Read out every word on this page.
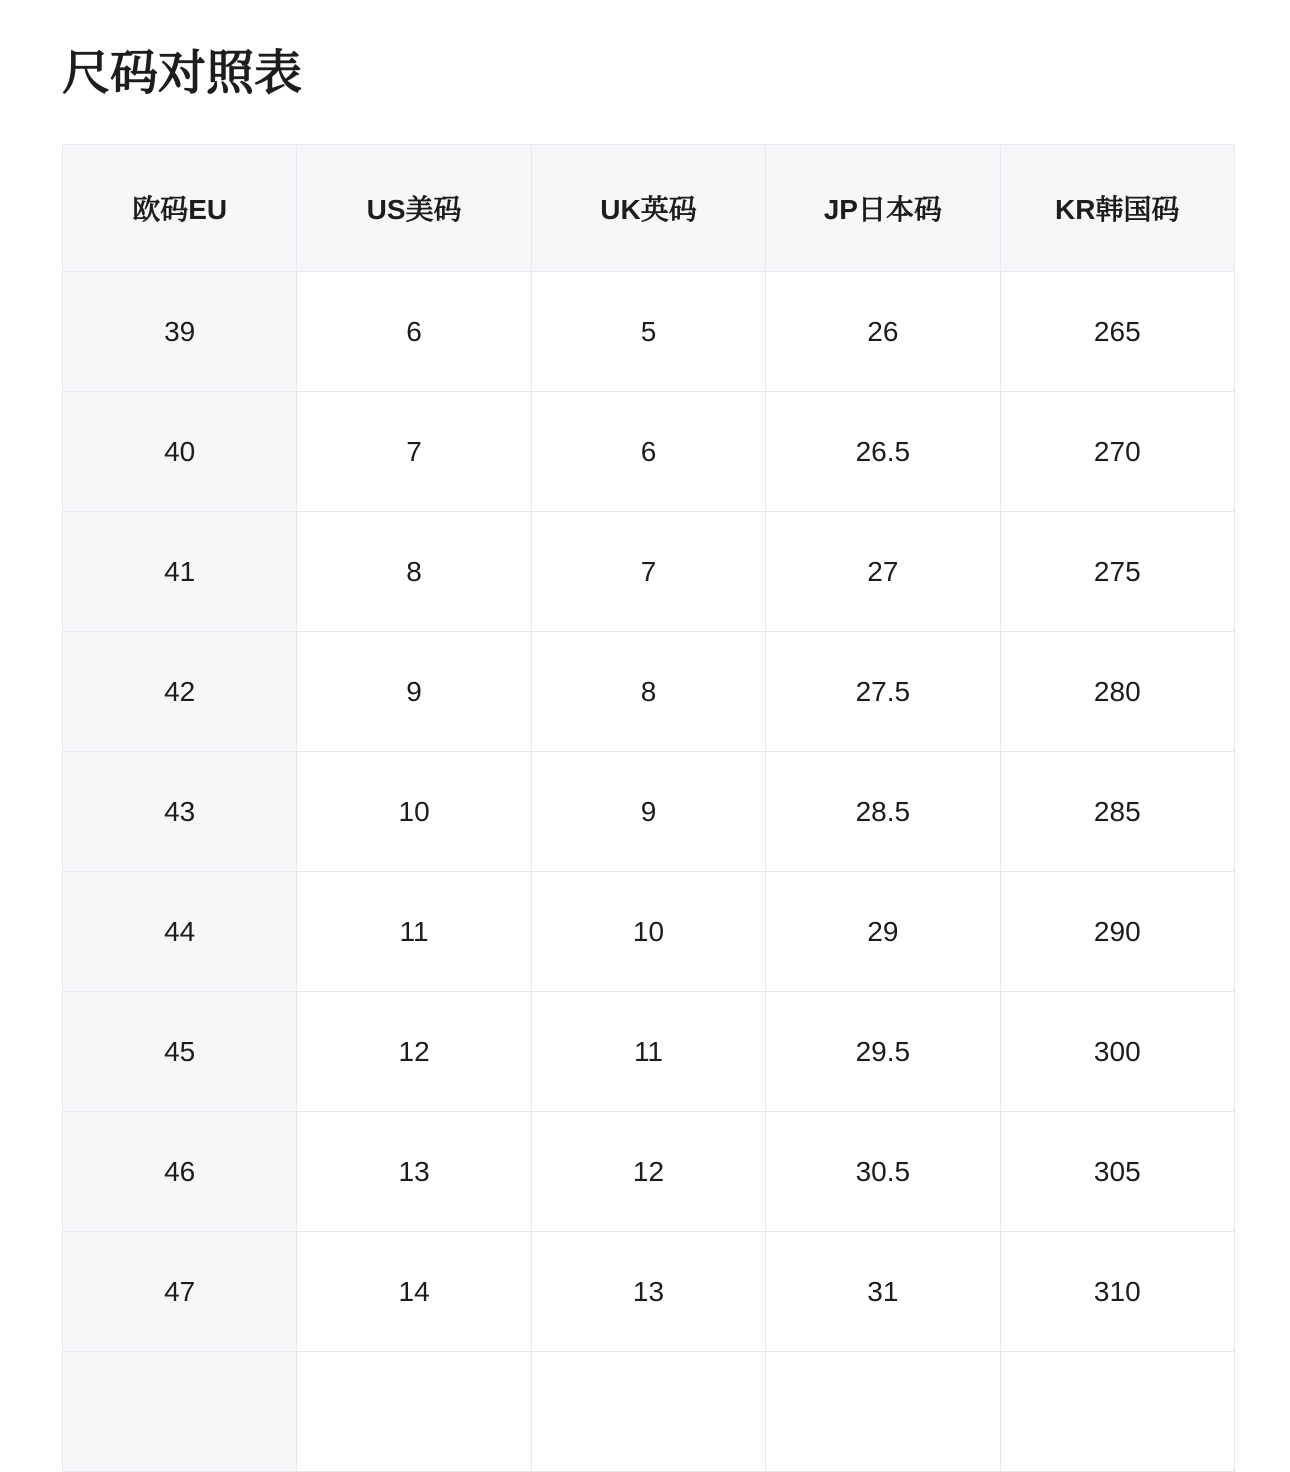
尺码对照表
欧码EU	US美码	UK英码	JP日本码	KR韩国码
39	6	5	26	265
40	7	6	26.5	270
41	8	7	27	275
42	9	8	27.5	280
43	10	9	28.5	285
44	11	10	29	290
45	12	11	29.5	300
46	13	12	30.5	305
47	14	13	31	310
